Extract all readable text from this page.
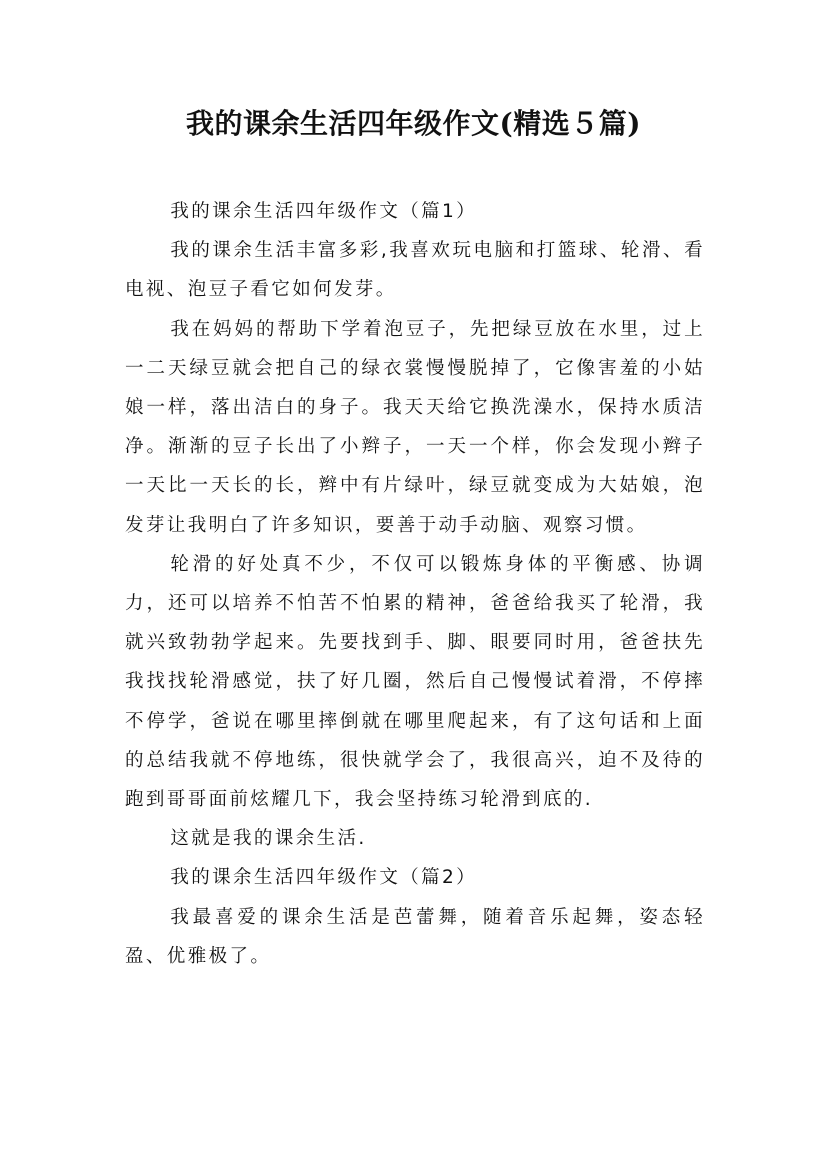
我的课余生活四年级作文(精选５篇)

我的课余生活四年级作文（篇1）

我的课余生活丰富多彩,我喜欢玩电脑和打篮球、轮滑、看电视、泡豆子看它如何发芽。

我在妈妈的帮助下学着泡豆子，先把绿豆放在水里，过上一二天绿豆就会把自己的绿衣裳慢慢脱掉了，它像害羞的小姑娘一样，落出洁白的身子。我天天给它换洗澡水，保持水质洁净。渐渐的豆子长出了小辫子，一天一个样，你会发现小辫子一天比一天长的长，辫中有片绿叶，绿豆就变成为大姑娘，泡发芽让我明白了许多知识，要善于动手动脑、观察习惯。

轮滑的好处真不少，不仅可以锻炼身体的平衡感、协调力，还可以培养不怕苦不怕累的精神，爸爸给我买了轮滑，我就兴致勃勃学起来。先要找到手、脚、眼要同时用，爸爸扶先我找找轮滑感觉，扶了好几圈，然后自己慢慢试着滑，不停摔不停学，爸说在哪里摔倒就在哪里爬起来，有了这句话和上面的总结我就不停地练，很快就学会了，我很高兴，迫不及待的跑到哥哥面前炫耀几下，我会坚持练习轮滑到底的.

这就是我的课余生活.

我的课余生活四年级作文（篇2）

我最喜爱的课余生活是芭蕾舞，随着音乐起舞，姿态轻盈、优雅极了。
